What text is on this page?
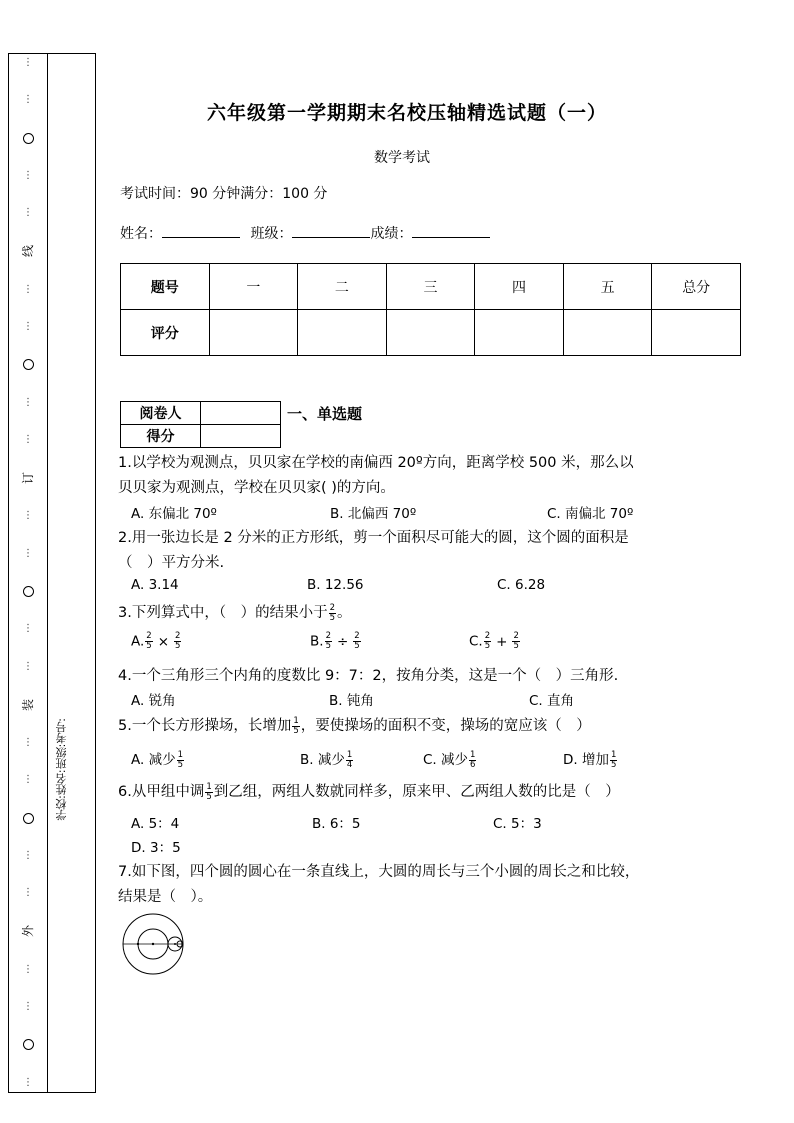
⋮
⋮
⋮
⋮
线
⋮
⋮
⋮
⋮
订
⋮
⋮
⋮
⋮
装
⋮
⋮
⋮
⋮
外
⋮
⋮
⋮
学校:姓名:班级:考号:
六年级第一学期期末名校压轴精选试题（一）
数学考试
考试时间：90 分钟满分：100 分
姓名：	班级：	成绩：
题号	一	二	三	四	五	总分
评分						
阅卷人	
得分	
一、单选题
1.以学校为观测点，贝贝家在学校的南偏西 20º方向，距离学校 500 米，那么以
贝贝家为观测点，学校在贝贝家( )的方向。
A. 东偏北 70º	B. 北偏西 70º	C. 南偏北 70º
2.用一张边长是 2 分米的正方形纸，剪一个面积尽可能大的圆，这个圆的面积是
（　）平方分米.
A. 3.14	B. 12.56	C. 6.28
3.下列算式中，（　）的结果小于 $\frac{2}{5}$ 。
A. $\frac{2}{5} \times \frac{2}{5}$	B. $\frac{2}{5} \div \frac{2}{5}$	C. $\frac{2}{5} + \frac{2}{5}$
4.一个三角形三个内角的度数比 9：7：2，按角分类，这是一个（　）三角形.
A. 锐角	B. 钝角	C. 直角
5.一个长方形操场，长增加 $\frac{1}{5}$ ，要使操场的面积不变，操场的宽应该（　）
A. 减少 $\frac{1}{5}$	B. 减少 $\frac{1}{4}$	C. 减少 $\frac{1}{6}$	D. 增加 $\frac{1}{5}$
6.从甲组中调 $\frac{1}{5}$ 到乙组，两组人数就同样多，原来甲、乙两组人数的比是（　）
A. 5：4	B. 6：5	C. 5：3
D. 3：5
7.如下图，四个圆的圆心在一条直线上，大圆的周长与三个小圆的周长之和比较，
结果是（　）。
